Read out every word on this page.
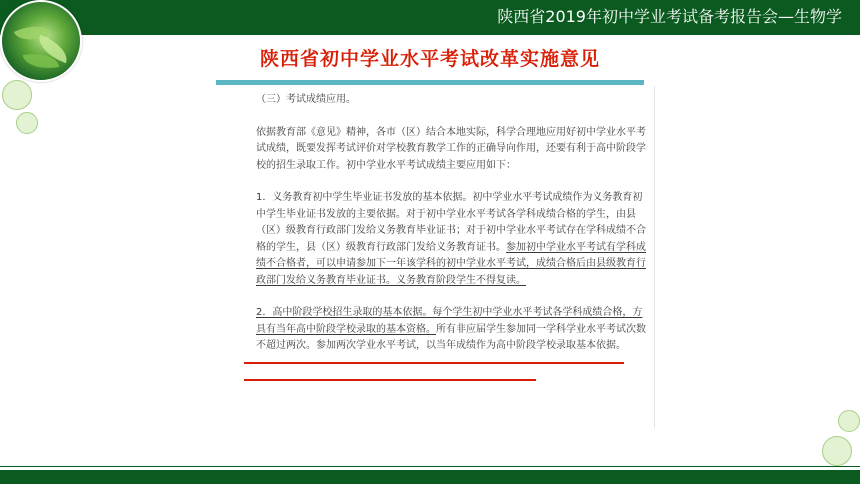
陕西省2019年初中学业考试备考报告会—生物学
陕西省初中学业水平考试改革实施意见

（三）考试成绩应用。

依据教育部《意见》精神，各市（区）结合本地实际，科学合理地应用好初中学业水平考试成绩，既要发挥考试评价对学校教育教学工作的正确导向作用，还要有利于高中阶段学校的招生录取工作。初中学业水平考试成绩主要应用如下：

1．义务教育初中学生毕业证书发放的基本依据。初中学业水平考试成绩作为义务教育初中学生毕业证书发放的主要依据。对于初中学业水平考试各学科成绩合格的学生，由县（区）级教育行政部门发给义务教育毕业证书；对于初中学业水平考试存在学科成绩不合格的学生，县（区）级教育行政部门发给义务教育证书。参加初中学业水平考试有学科成绩不合格者，可以申请参加下一年该学科的初中学业水平考试，成绩合格后由县级教育行政部门发给义务教育毕业证书。义务教育阶段学生不得复读。

2．高中阶段学校招生录取的基本依据。每个学生初中学业水平考试各学科成绩合格，方具有当年高中阶段学校录取的基本资格。所有非应届学生参加同一学科学业水平考试次数不超过两次。参加两次学业水平考试，以当年成绩作为高中阶段学校录取基本依据。
